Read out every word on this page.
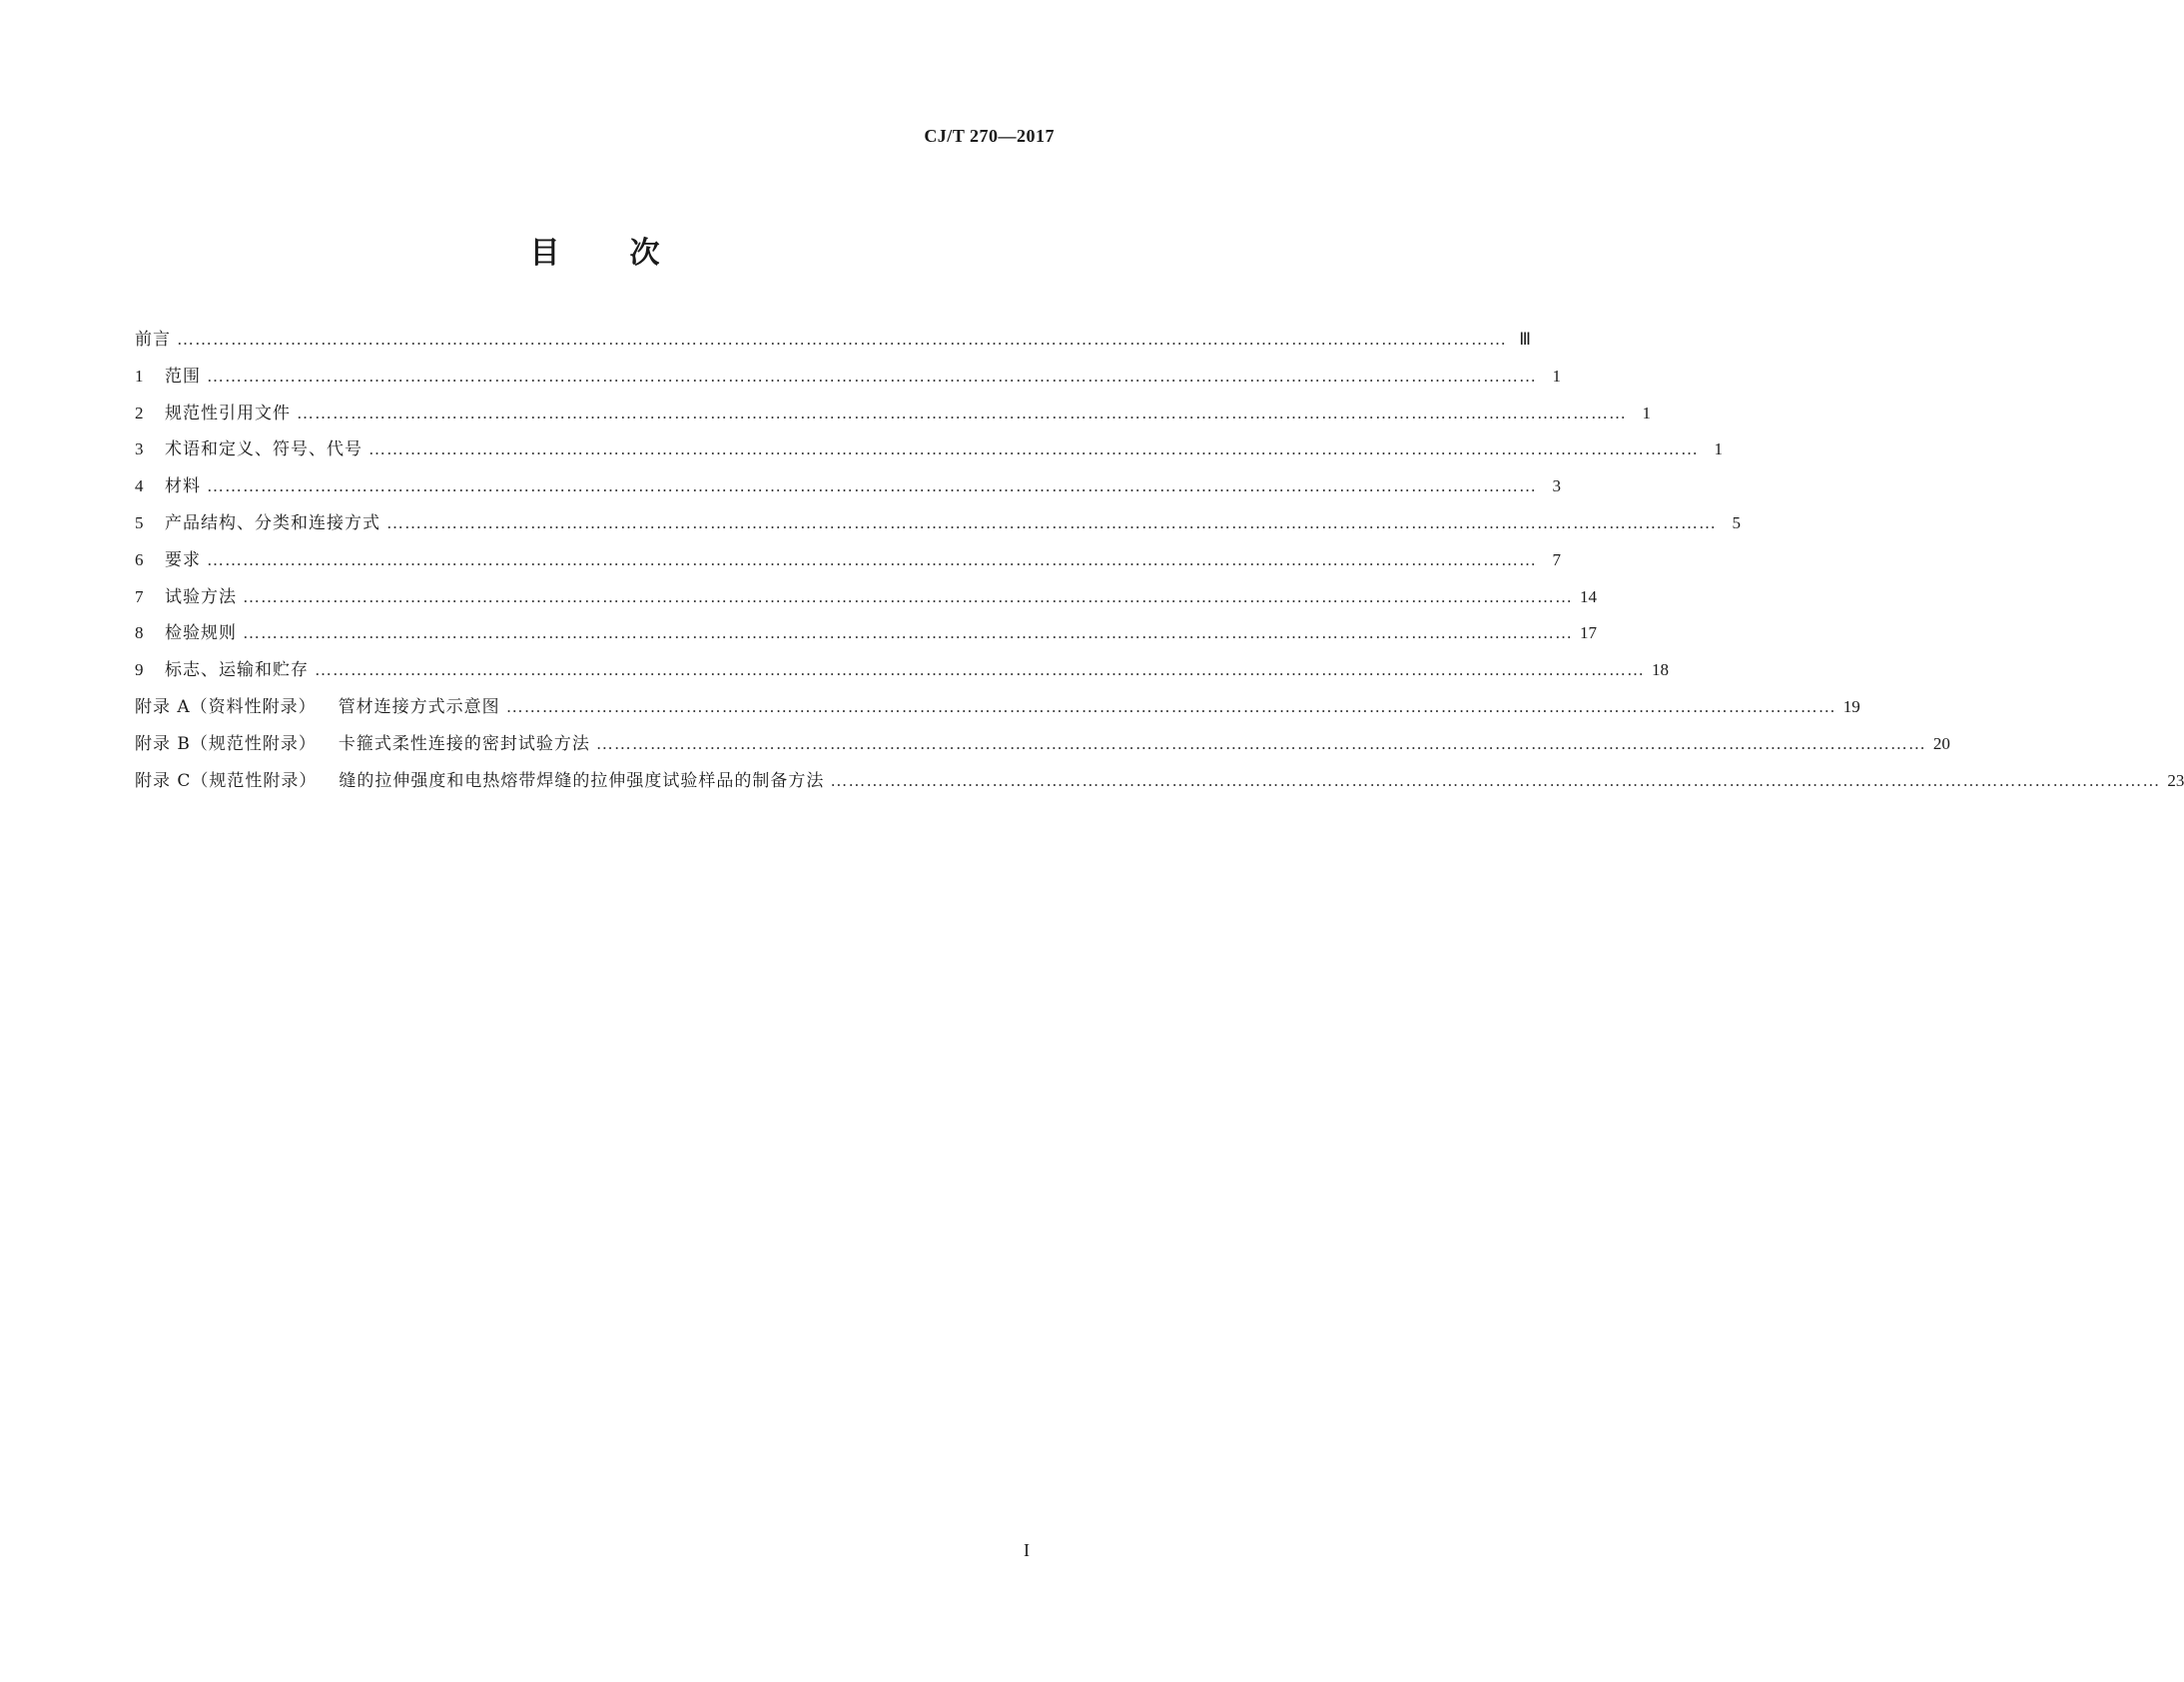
CJ/T 270—2017
目 次
前言 …………………………………………………………………………………………………………………………………………………………………………………………………… Ⅲ
1	范围 …………………………………………………………………………………………………………………………………………………………………………………………………… 1
2	规范性引用文件 …………………………………………………………………………………………………………………………………………………………………………………………………… 1
3	术语和定义、符号、代号 …………………………………………………………………………………………………………………………………………………………………………………………………… 1
4	材料 …………………………………………………………………………………………………………………………………………………………………………………………………… 3
5	产品结构、分类和连接方式 …………………………………………………………………………………………………………………………………………………………………………………………………… 5
6	要求 …………………………………………………………………………………………………………………………………………………………………………………………………… 7
7	试验方法 …………………………………………………………………………………………………………………………………………………………………………………………………… 14
8	检验规则 …………………………………………………………………………………………………………………………………………………………………………………………………… 17
9	标志、运输和贮存 …………………………………………………………………………………………………………………………………………………………………………………………………… 18
附录 A（资料性附录） 管材连接方式示意图 …………………………………………………………………………………………………………………………………………………………………………………………………… 19
附录 B（规范性附录） 卡箍式柔性连接的密封试验方法 …………………………………………………………………………………………………………………………………………………………………………………………………… 20
附录 C（规范性附录） 缝的拉伸强度和电热熔带焊缝的拉伸强度试验样品的制备方法 …………………………………………………………………………………………………………………………………………………………………………………………………… 23
I
